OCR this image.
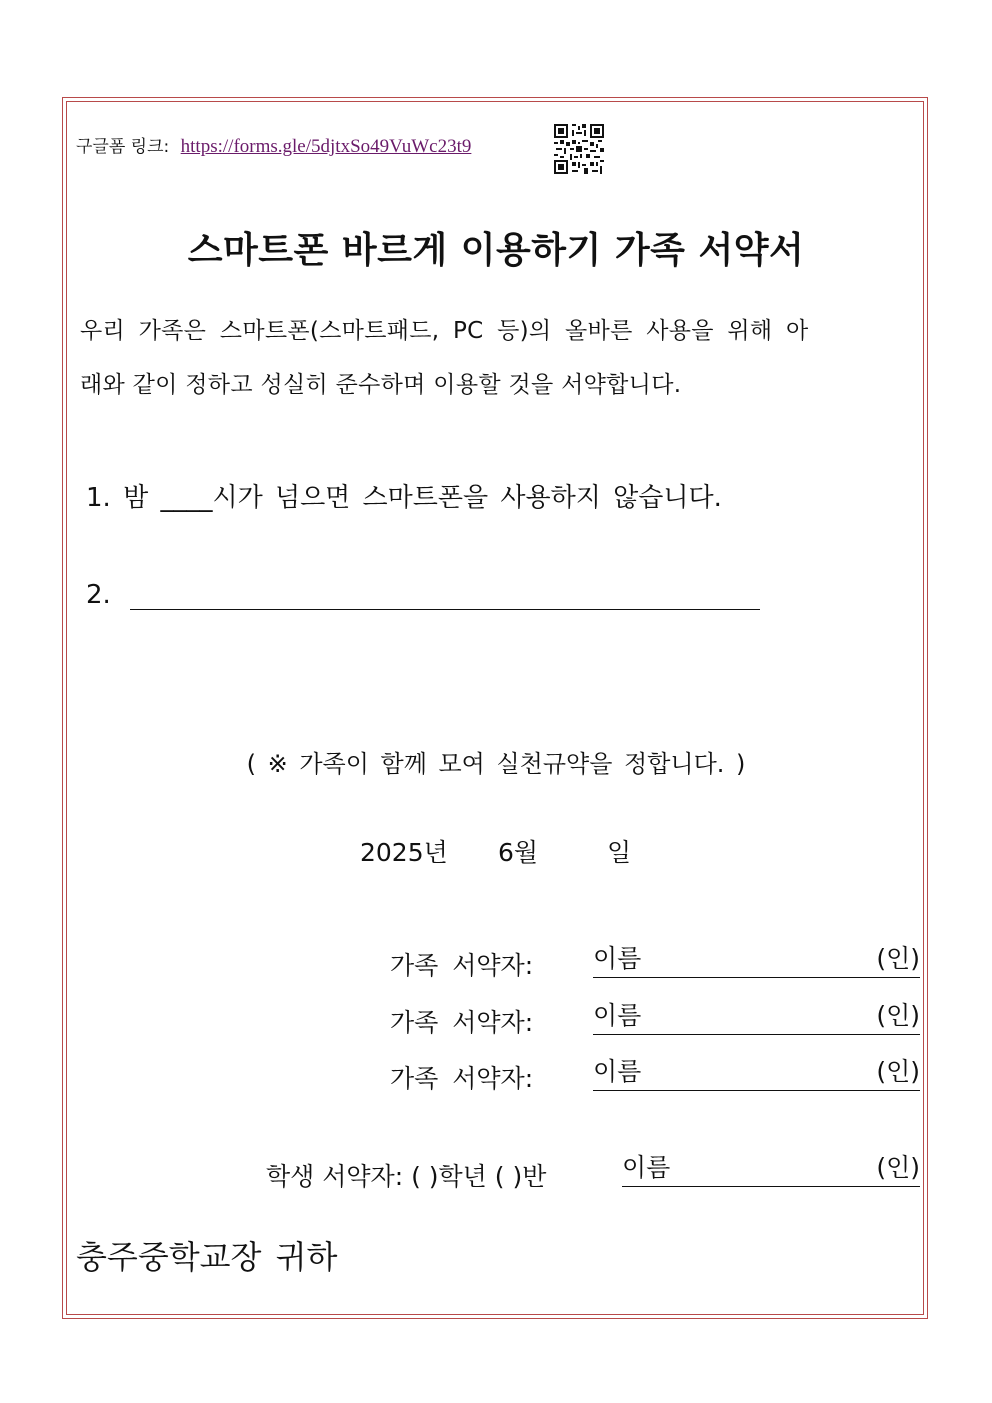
구글폼 링크: https://forms.gle/5djtxSo49VuWc23t9
스마트폰 바르게 이용하기 가족 서약서
우리 가족은 스마트폰(스마트패드, PC 등)의 올바른 사용을 위해 아
래와 같이 정하고 성실히 준수하며 이용할 것을 서약합니다.
1. 밤 ____시가 넘으면 스마트폰을 사용하지 않습니다.
2.
( ※ 가족이 함께 모여 실천규약을 정합니다. )
2025년 6월	일
가족 서약자: 이름	(인)
가족 서약자: 이름	(인)
가족 서약자: 이름	(인)
학생 서약자: ( )학년 ( )반	이름	(인)
충주중학교장 귀하
